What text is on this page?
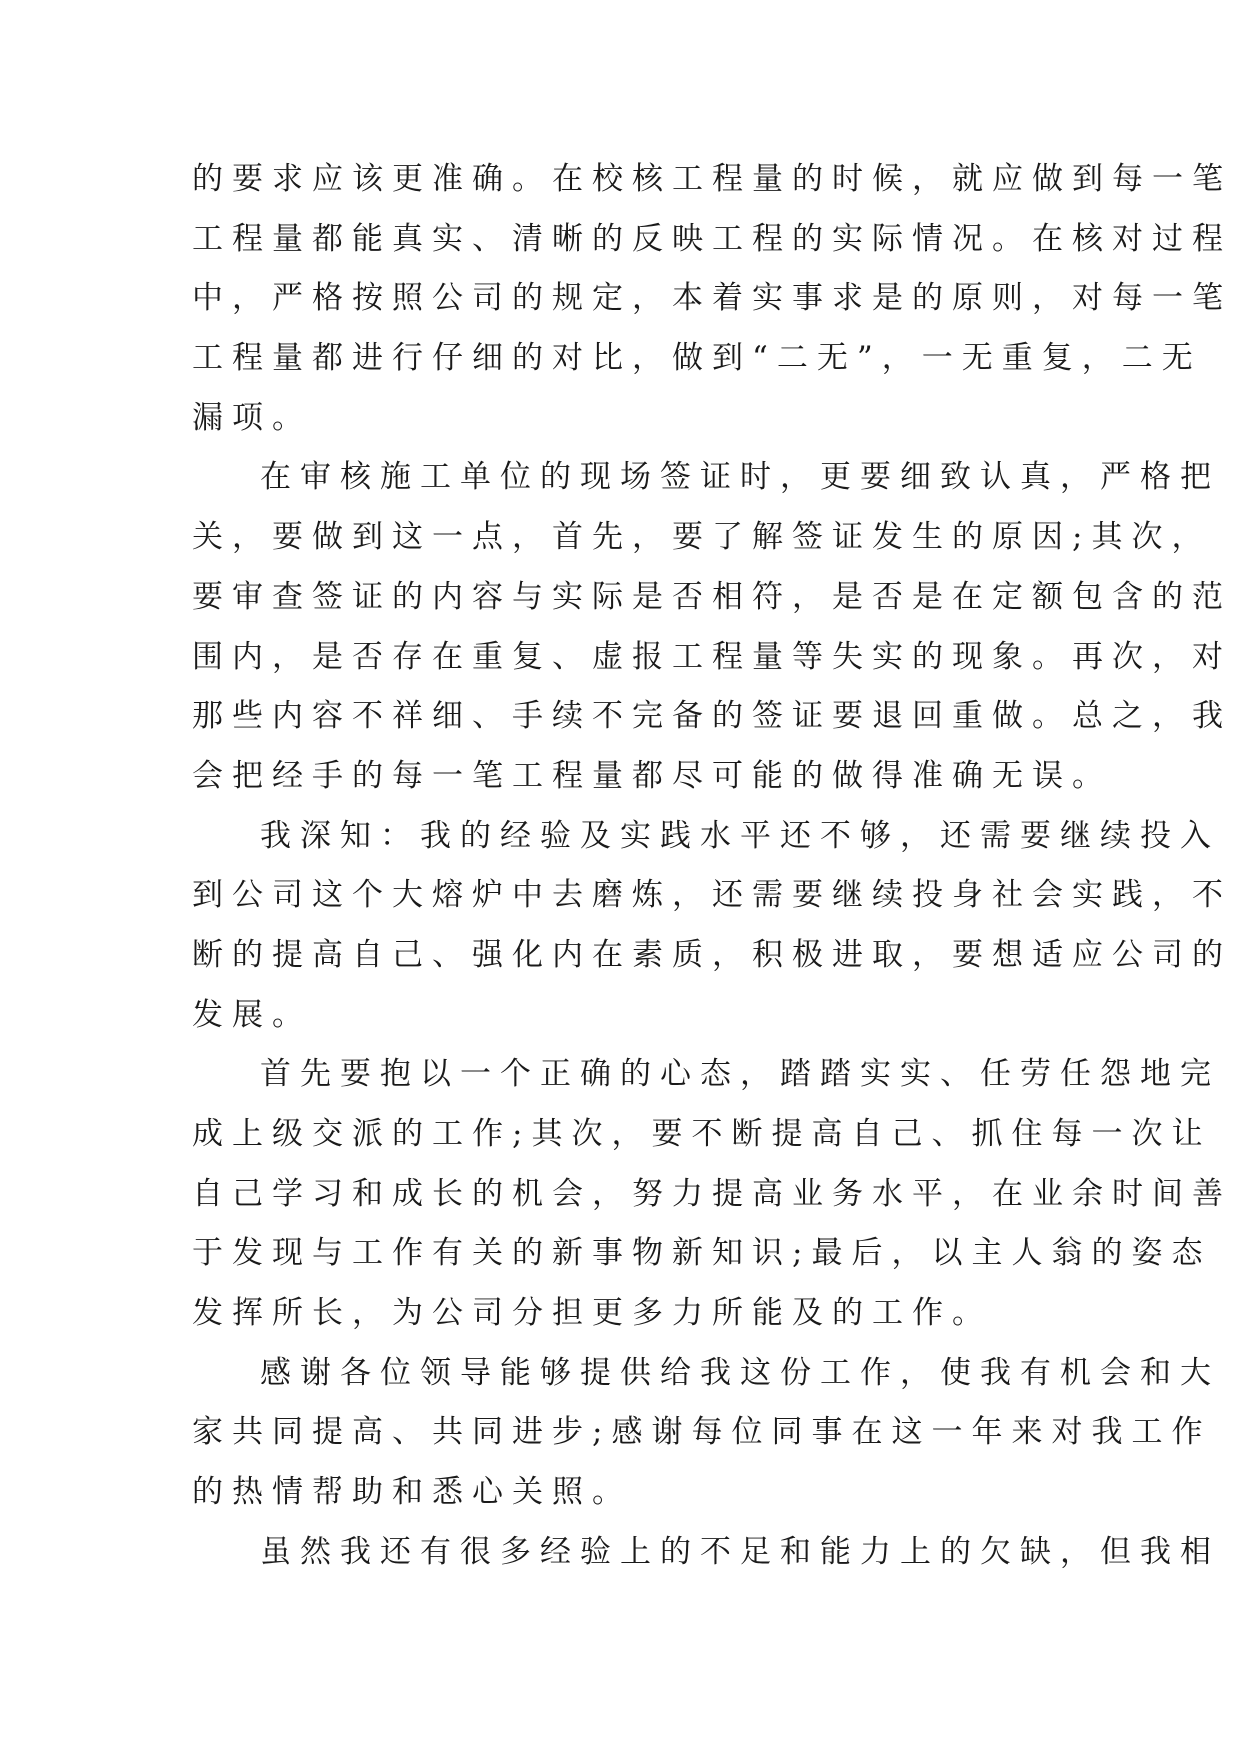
的要求应该更准确。在校核工程量的时候，就应做到每一笔
工程量都能真实、清晰的反映工程的实际情况。在核对过程
中，严格按照公司的规定，本着实事求是的原则，对每一笔
工程量都进行仔细的对比，做到“二无”，一无重复，二无
漏项。
在审核施工单位的现场签证时，更要细致认真，严格把
关，要做到这一点，首先，要了解签证发生的原因;其次，
要审查签证的内容与实际是否相符，是否是在定额包含的范
围内，是否存在重复、虚报工程量等失实的现象。再次，对
那些内容不祥细、手续不完备的签证要退回重做。总之，我
会把经手的每一笔工程量都尽可能的做得准确无误。
我深知：我的经验及实践水平还不够，还需要继续投入
到公司这个大熔炉中去磨炼，还需要继续投身社会实践，不
断的提高自己、强化内在素质，积极进取，要想适应公司的
发展。
首先要抱以一个正确的心态，踏踏实实、任劳任怨地完
成上级交派的工作;其次，要不断提高自己、抓住每一次让
自己学习和成长的机会，努力提高业务水平，在业余时间善
于发现与工作有关的新事物新知识;最后，以主人翁的姿态
发挥所长，为公司分担更多力所能及的工作。
感谢各位领导能够提供给我这份工作，使我有机会和大
家共同提高、共同进步;感谢每位同事在这一年来对我工作
的热情帮助和悉心关照。
虽然我还有很多经验上的不足和能力上的欠缺，但我相
